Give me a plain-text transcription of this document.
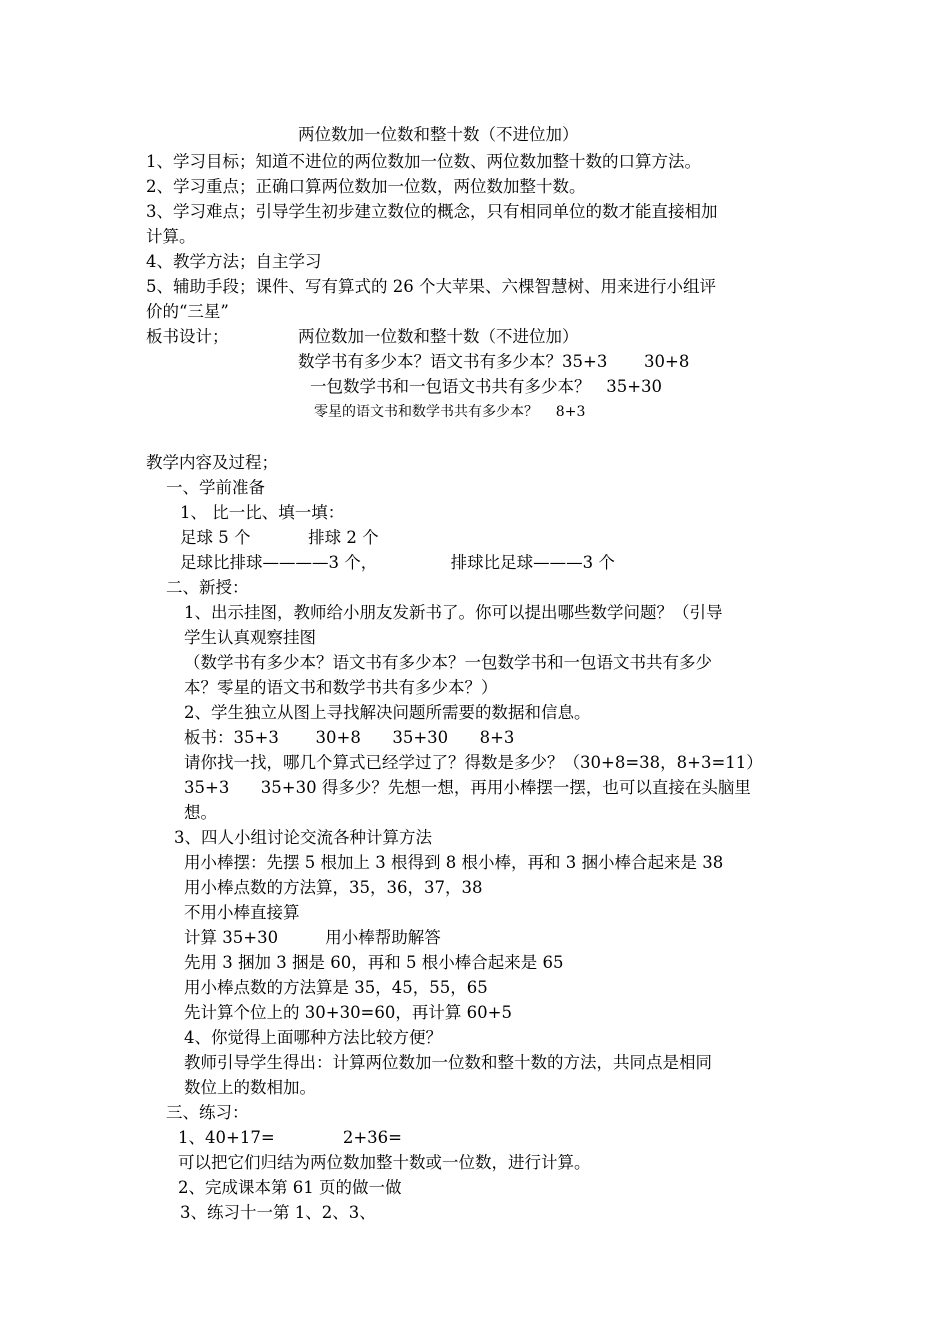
两位数加一位数和整十数（不进位加）
1、学习目标；知道不进位的两位数加一位数、两位数加整十数的口算方法。
2、学习重点；正确口算两位数加一位数，两位数加整十数。
3、学习难点；引导学生初步建立数位的概念，只有相同单位的数才能直接相加
计算。
4、教学方法；自主学习
5、辅助手段；课件、写有算式的 26 个大苹果、六棵智慧树、用来进行小组评
价的“三星”
板书设计；	两位数加一位数和整十数（不进位加）
数学书有多少本？语文书有多少本？35+3       30+8
一包数学书和一包语文书共有多少本？   35+30
零星的语文书和数学书共有多少本？    8+3
教学内容及过程；
一、学前准备
1、 比一比、填一填：
足球 5 个           排球 2 个
足球比排球————3 个，              排球比足球———3 个
二、新授：
1、出示挂图，教师给小朋友发新书了。你可以提出哪些数学问题？（引导
学生认真观察挂图
（数学书有多少本？语文书有多少本？一包数学书和一包语文书共有多少
本？零星的语文书和数学书共有多少本？）
2、学生独立从图上寻找解决问题所需要的数据和信息。
板书：35+3       30+8      35+30      8+3
请你找一找，哪几个算式已经学过了？得数是多少？（30+8=38，8+3=11）
35+3      35+30 得多少？先想一想，再用小棒摆一摆，也可以直接在头脑里
想。
3、四人小组讨论交流各种计算方法
用小棒摆：先摆 5 根加上 3 根得到 8 根小棒，再和 3 捆小棒合起来是 38
用小棒点数的方法算，35，36，37，38
不用小棒直接算
计算 35+30         用小棒帮助解答
先用 3 捆加 3 捆是 60，再和 5 根小棒合起来是 65
用小棒点数的方法算是 35，45，55，65
先计算个位上的 30+30=60，再计算 60+5
4、你觉得上面哪种方法比较方便？
教师引导学生得出：计算两位数加一位数和整十数的方法，共同点是相同
数位上的数相加。
三、练习：
1、40+17=             2+36=
可以把它们归结为两位数加整十数或一位数，进行计算。
2、完成课本第 61 页的做一做
3、练习十一第 1、2、3、
